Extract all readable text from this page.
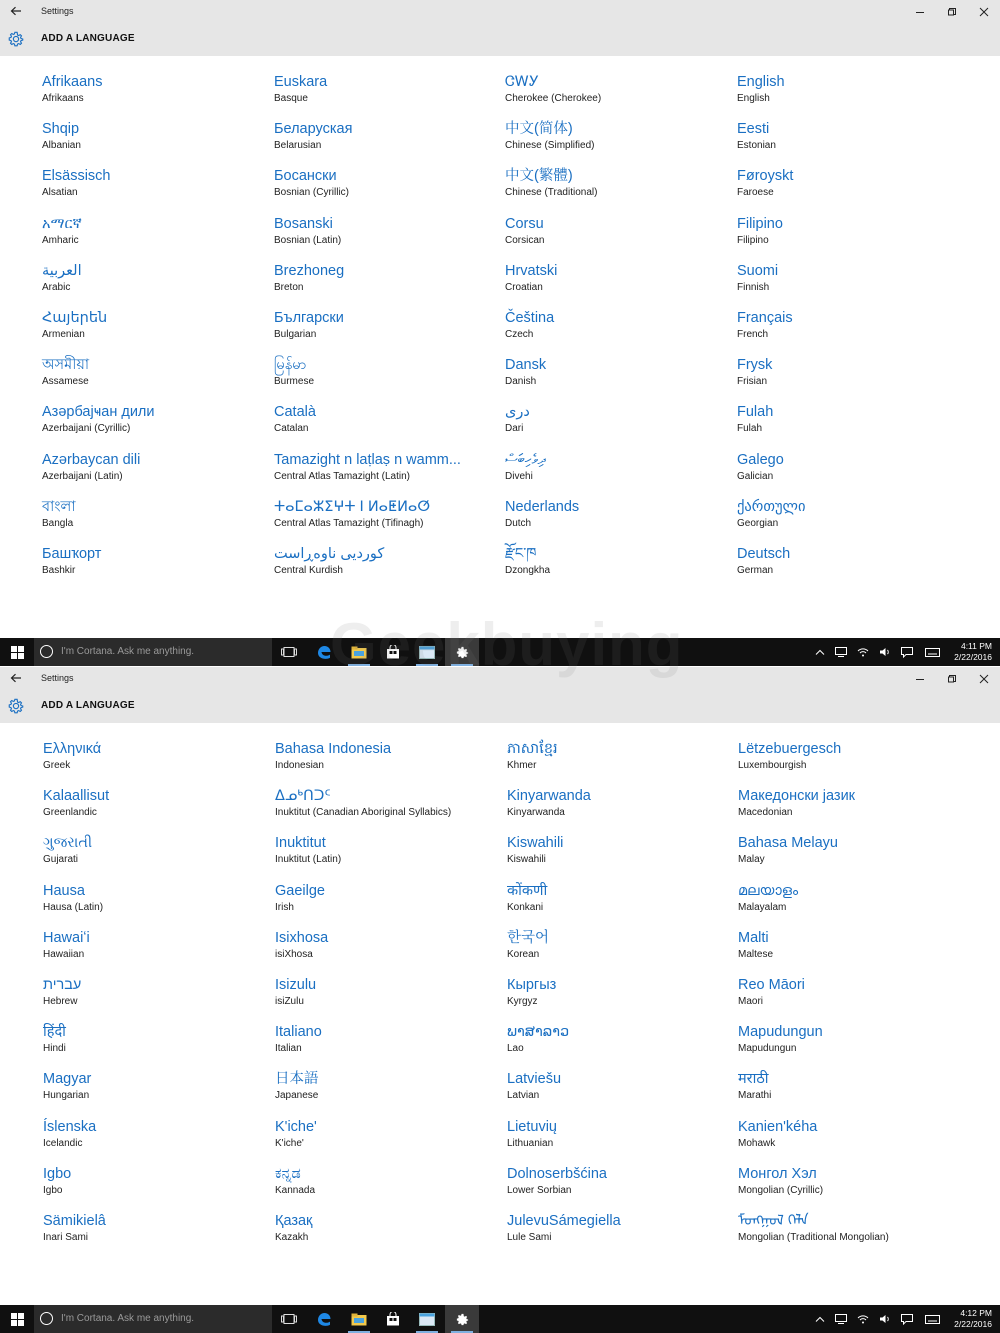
Settings
ADD A LANGUAGE
Afrikaans
Afrikaans
Shqip
Albanian
Elsässisch
Alsatian
አማርኛ
Amharic
العربية
Arabic
Հայերեն
Armenian
অসমীয়া
Assamese
Азәрбајҹан дили
Azerbaijani (Cyrillic)
Azərbaycan dili
Azerbaijani (Latin)
বাংলা
Bangla
Башҡорт
Bashkir
Euskara
Basque
Беларуская
Belarusian
Босански
Bosnian (Cyrillic)
Bosanski
Bosnian (Latin)
Brezhoneg
Breton
Български
Bulgarian
မြန်မာ
Burmese
Català
Catalan
Tamazight n laṭlaṣ n wamm...
Central Atlas Tamazight (Latin)
ⵜⴰⵎⴰⵣⵉⵖⵜ ⵏ ⵍⴰⵟⵍⴰⵚ
Central Atlas Tamazight (Tifinagh)
کوردیی ناوەڕاست
Central Kurdish
ᏣᎳᎩ
Cherokee (Cherokee)
中文(简体)
Chinese (Simplified)
中文(繁體)
Chinese (Traditional)
Corsu
Corsican
Hrvatski
Croatian
Čeština
Czech
Dansk
Danish
دری
Dari
ދިވެހިބަސް
Divehi
Nederlands
Dutch
རྫོང་ཁ
Dzongkha
English
English
Eesti
Estonian
Føroyskt
Faroese
Filipino
Filipino
Suomi
Finnish
Français
French
Frysk
Frisian
Fulah
Fulah
Galego
Galician
ქართული
Georgian
Deutsch
German
I'm Cortana. Ask me anything.	4:11 PM
2/22/2016
Settings
ADD A LANGUAGE
Ελληνικά
Greek
Kalaallisut
Greenlandic
ગુજરાતી
Gujarati
Hausa
Hausa (Latin)
Hawaiʻi
Hawaiian
עברית
Hebrew
हिंदी
Hindi
Magyar
Hungarian
Íslenska
Icelandic
Igbo
Igbo
Sämikielâ
Inari Sami
Bahasa Indonesia
Indonesian
ᐃᓄᒃᑎᑐᑦ
Inuktitut (Canadian Aboriginal Syllabics)
Inuktitut
Inuktitut (Latin)
Gaeilge
Irish
Isixhosa
isiXhosa
Isizulu
isiZulu
Italiano
Italian
日本語
Japanese
K'iche'
K'iche'
ಕನ್ನಡ
Kannada
Қазақ
Kazakh
ភាសាខ្មែរ
Khmer
Kinyarwanda
Kinyarwanda
Kiswahili
Kiswahili
कोंकणी
Konkani
한국어
Korean
Кыргыз
Kyrgyz
ພາສາລາວ
Lao
Latviešu
Latvian
Lietuvių
Lithuanian
Dolnoserbšćina
Lower Sorbian
JulevuSámegiella
Lule Sami
Lëtzebuergesch
Luxembourgish
Македонски јазик
Macedonian
Bahasa Melayu
Malay
മലയാളം
Malayalam
Malti
Maltese
Reo Māori
Maori
Mapudungun
Mapudungun
मराठी
Marathi
Kanien'kéha
Mohawk
Монгол Хэл
Mongolian (Cyrillic)
ᠮᠣᠩᠭᠣᠯ ᠬᠡᠯᠡ
Mongolian (Traditional Mongolian)
I'm Cortana. Ask me anything.	4:12 PM
2/22/2016
